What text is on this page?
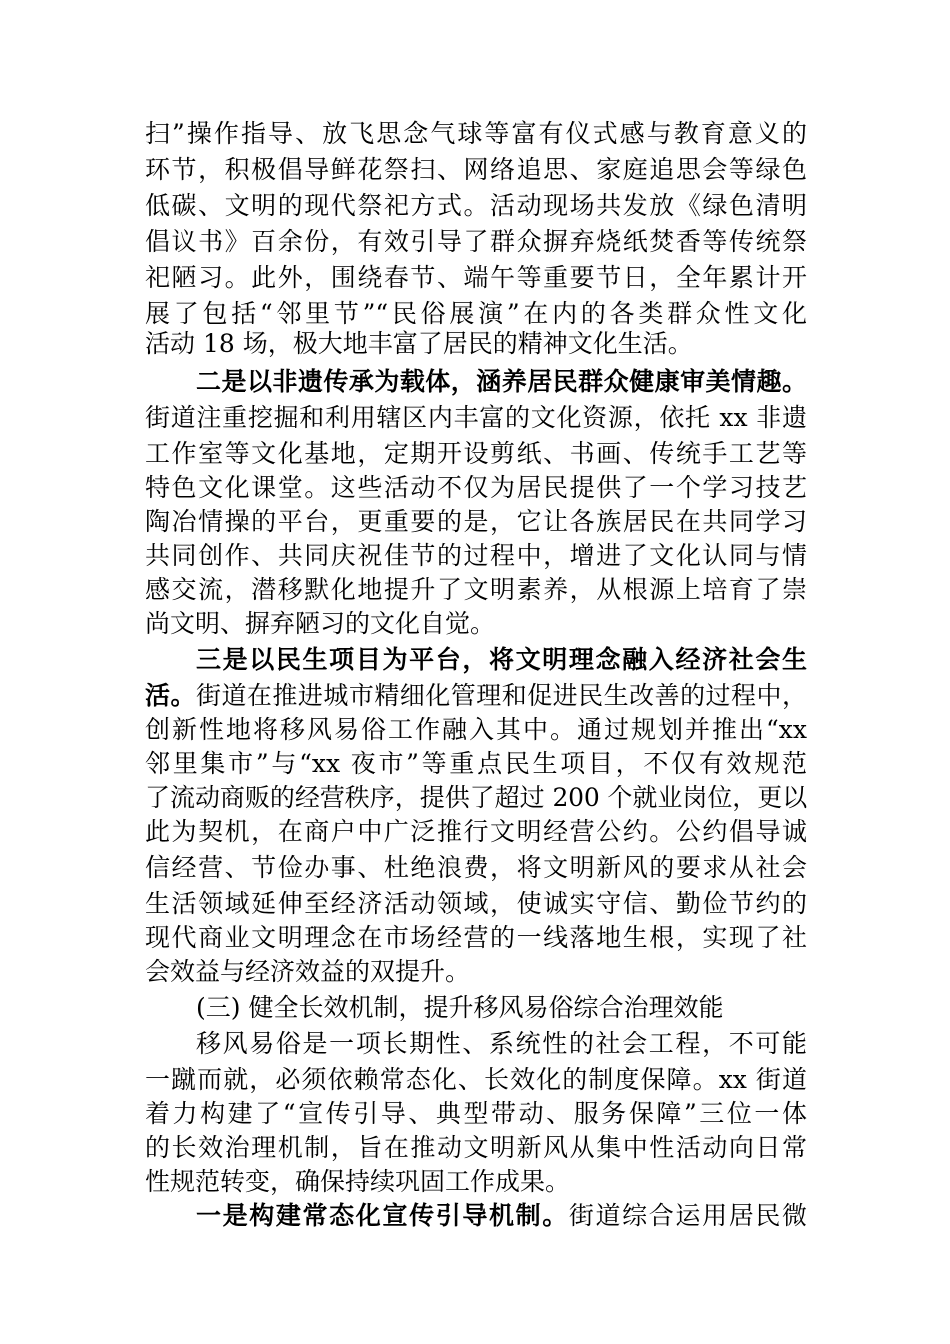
扫”操作指导、放飞思念气球等富有仪式感与教育意义的
环节，积极倡导鲜花祭扫、网络追思、家庭追思会等绿色
低碳、文明的现代祭祀方式。活动现场共发放《绿色清明
倡议书》百余份，有效引导了群众摒弃烧纸焚香等传统祭
祀陋习。此外，围绕春节、端午等重要节日，全年累计开
展了包括“邻里节”“民俗展演”在内的各类群众性文化
活动 18 场，极大地丰富了居民的精神文化生活。
二是以非遗传承为载体，涵养居民群众健康审美情趣。
街道注重挖掘和利用辖区内丰富的文化资源，依托 xx 非遗
工作室等文化基地，定期开设剪纸、书画、传统手工艺等
特色文化课堂。这些活动不仅为居民提供了一个学习技艺
陶冶情操的平台，更重要的是，它让各族居民在共同学习
共同创作、共同庆祝佳节的过程中，增进了文化认同与情
感交流，潜移默化地提升了文明素养，从根源上培育了崇
尚文明、摒弃陋习的文化自觉。
三是以民生项目为平台，将文明理念融入经济社会生
活。街道在推进城市精细化管理和促进民生改善的过程中，
创新性地将移风易俗工作融入其中。通过规划并推出“xx
邻里集市”与“xx 夜市”等重点民生项目，不仅有效规范
了流动商贩的经营秩序，提供了超过 200 个就业岗位，更以
此为契机，在商户中广泛推行文明经营公约。公约倡导诚
信经营、节俭办事、杜绝浪费，将文明新风的要求从社会
生活领域延伸至经济活动领域，使诚实守信、勤俭节约的
现代商业文明理念在市场经营的一线落地生根，实现了社
会效益与经济效益的双提升。
(三) 健全长效机制，提升移风易俗综合治理效能
移风易俗是一项长期性、系统性的社会工程，不可能
一蹴而就，必须依赖常态化、长效化的制度保障。xx 街道
着力构建了“宣传引导、典型带动、服务保障”三位一体
的长效治理机制，旨在推动文明新风从集中性活动向日常
性规范转变，确保持续巩固工作成果。
一是构建常态化宣传引导机制。街道综合运用居民微
